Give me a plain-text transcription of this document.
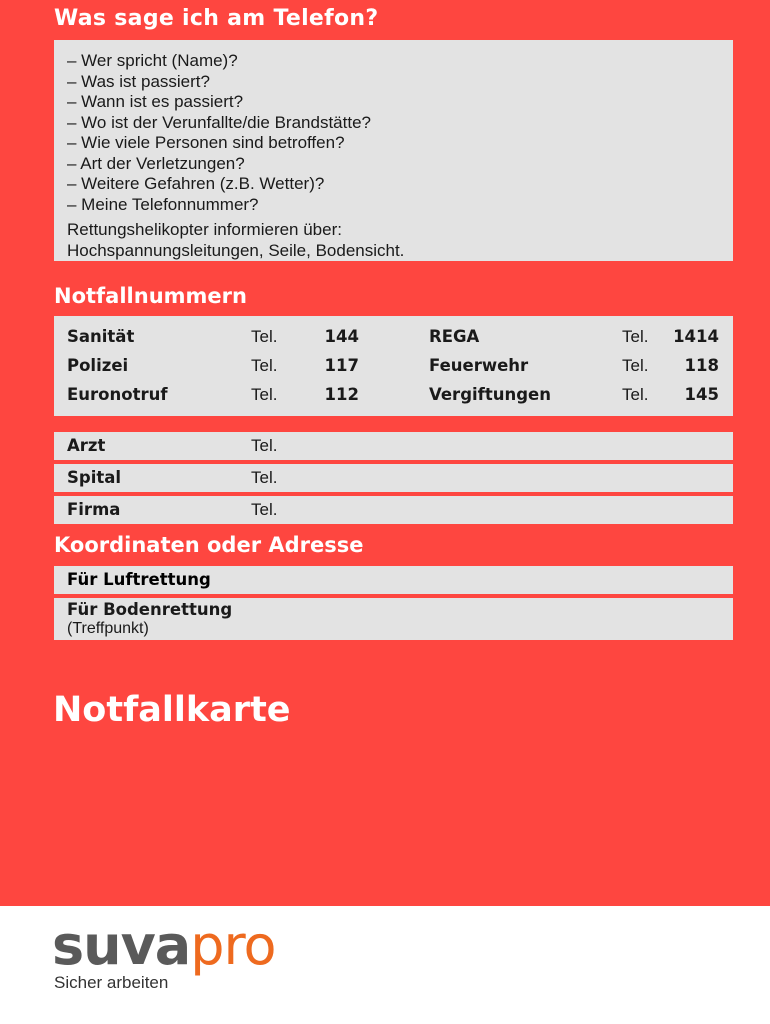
Was sage ich am Telefon?
– Wer spricht (Name)?
– Was ist passiert?
– Wann ist es passiert?
– Wo ist der Verunfallte/die Brandstätte?
– Wie viele Personen sind betroffen?
– Art der Verletzungen?
– Weitere Gefahren (z.B. Wetter)?
– Meine Telefonnummer?
Rettungshelikopter informieren über:
Hochspannungsleitungen, Seile, Bodensicht.
Notfallnummern
Sanität	Tel.	144	REGA	Tel. 1414
Polizei	Tel.	117	Feuerwehr	Tel. 118
Euronotruf	Tel.	112	Vergiftungen	Tel. 145
Arzt	Tel.
Spital	Tel.
Firma	Tel.
Koordinaten oder Adresse
Für Luftrettung
Für Bodenrettung
(Treffpunkt)
Notfallkarte
suvapro
Sicher arbeiten
